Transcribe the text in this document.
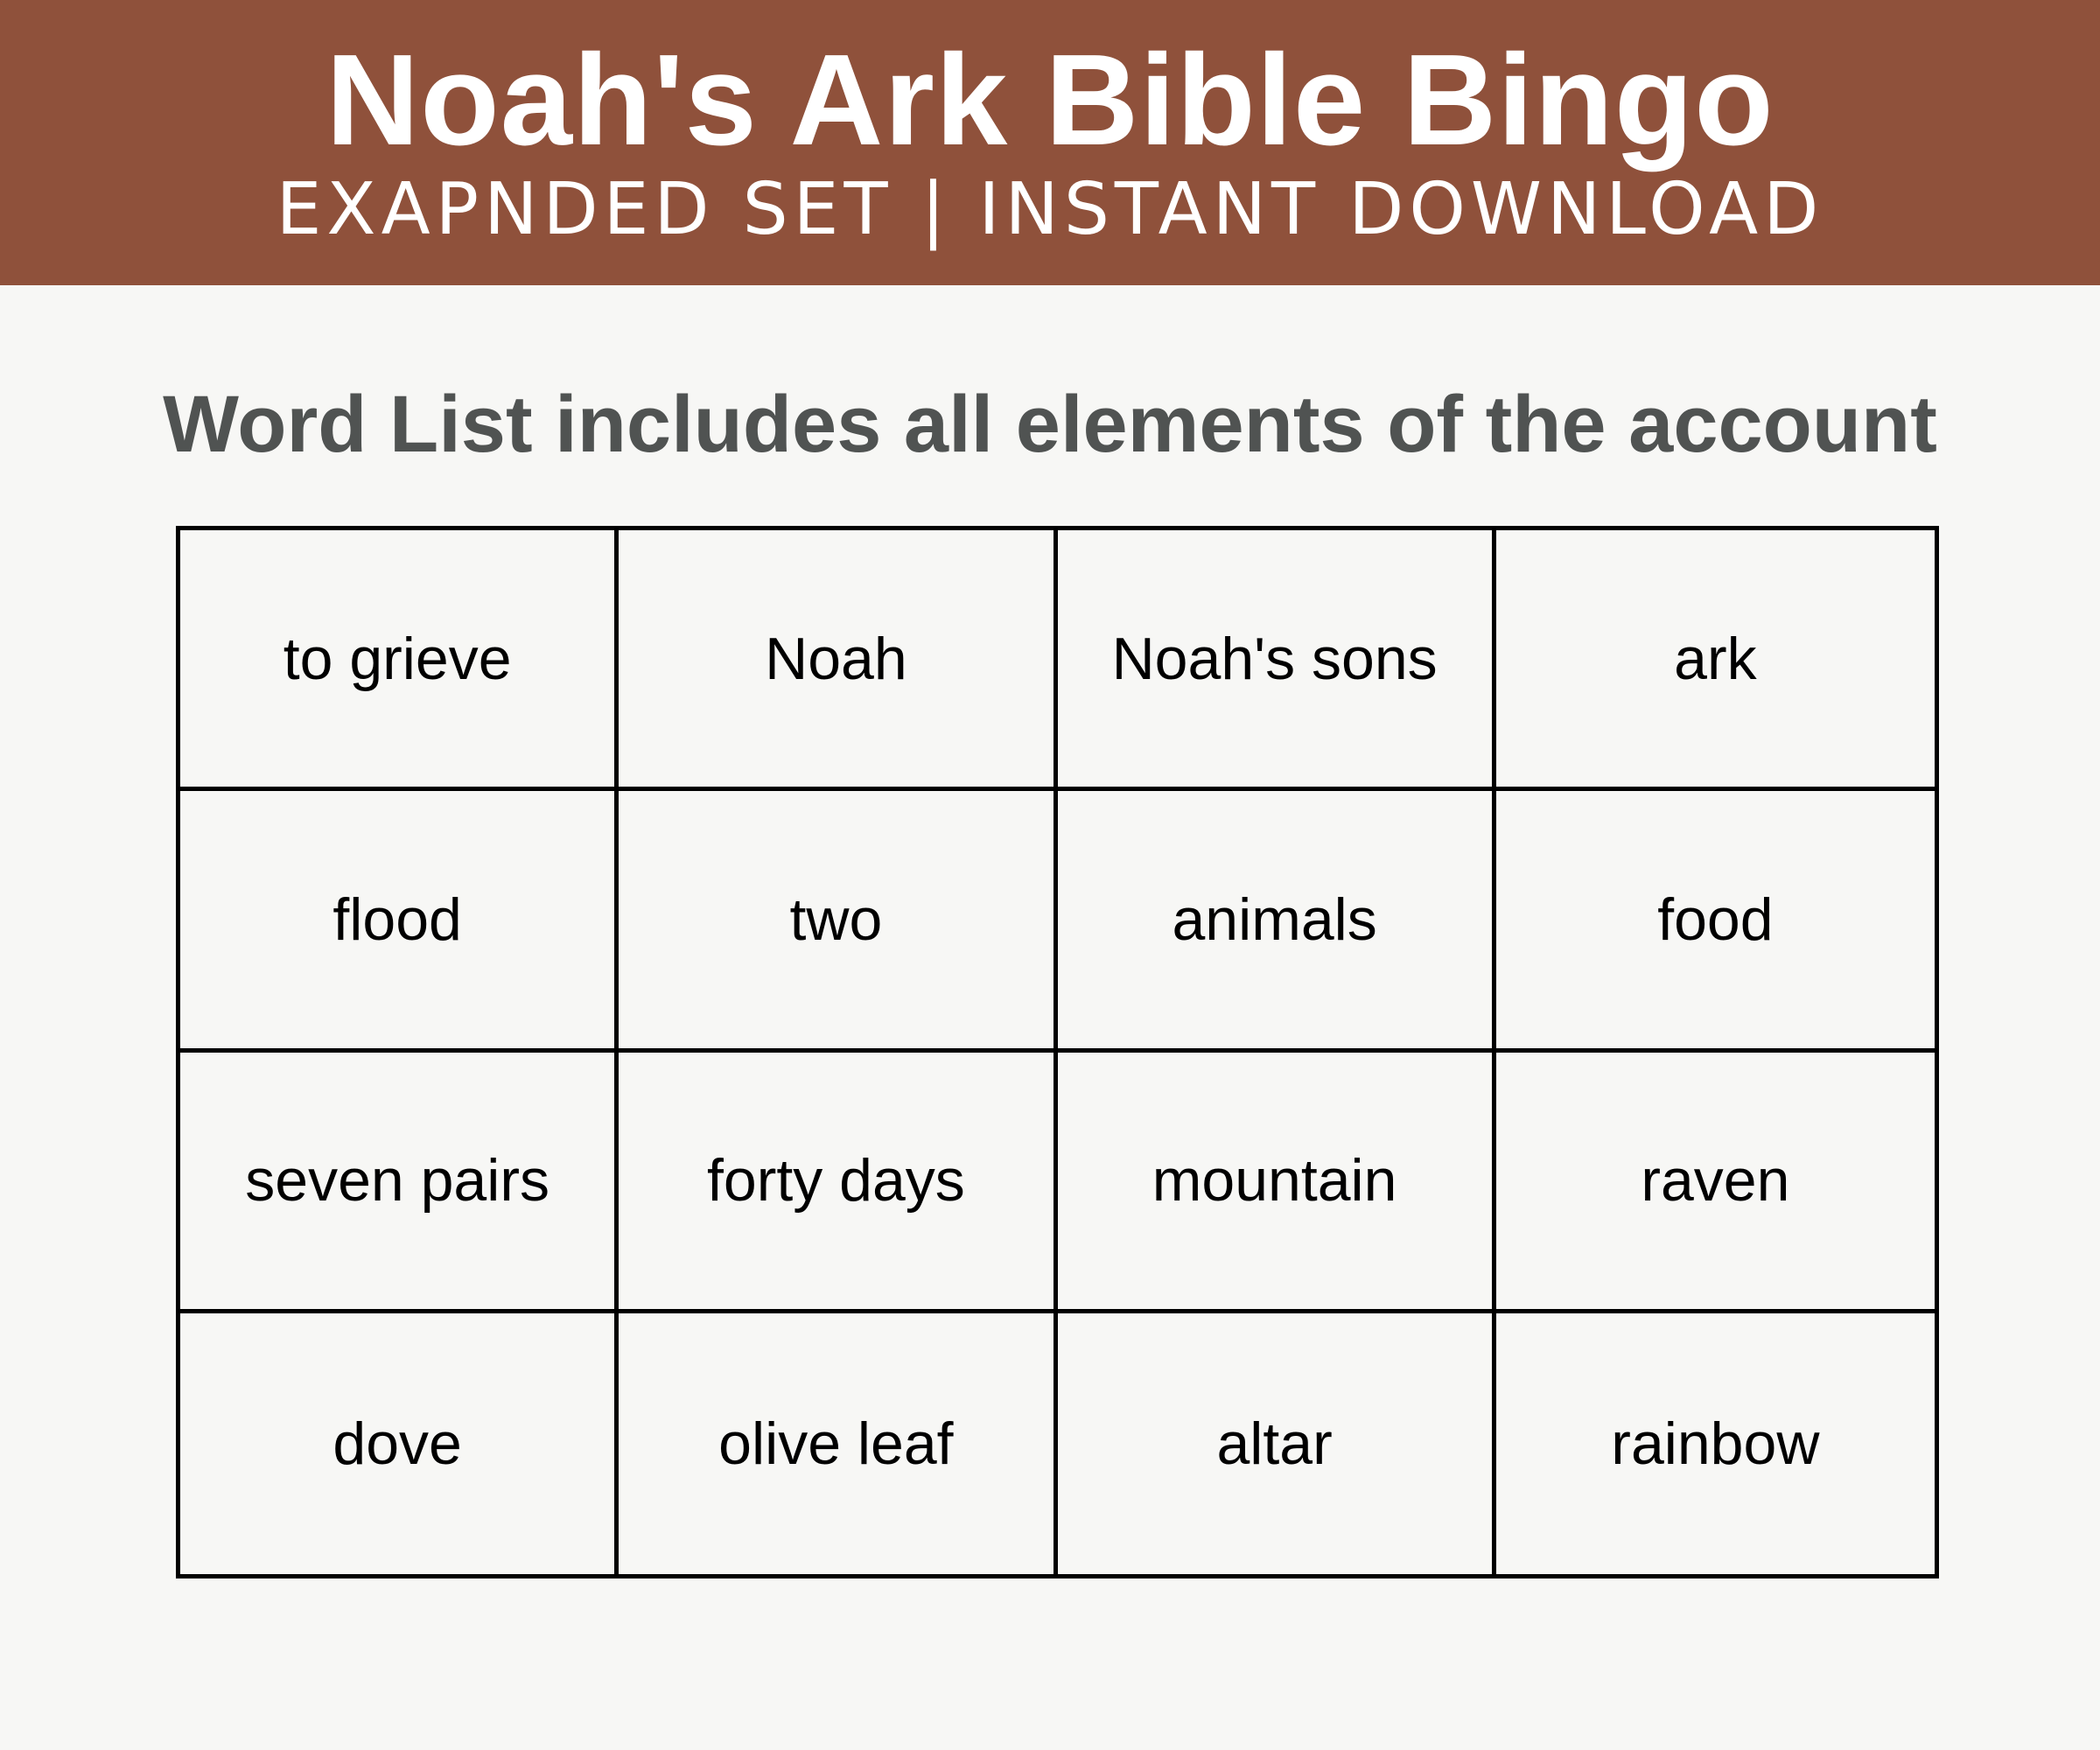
Noah's Ark Bible Bingo
EXAPNDED SET | INSTANT DOWNLOAD
Word List includes all elements of the account
to grieve	Noah	Noah's sons	ark
flood	two	animals	food
seven pairs	forty days	mountain	raven
dove	olive leaf	altar	rainbow
